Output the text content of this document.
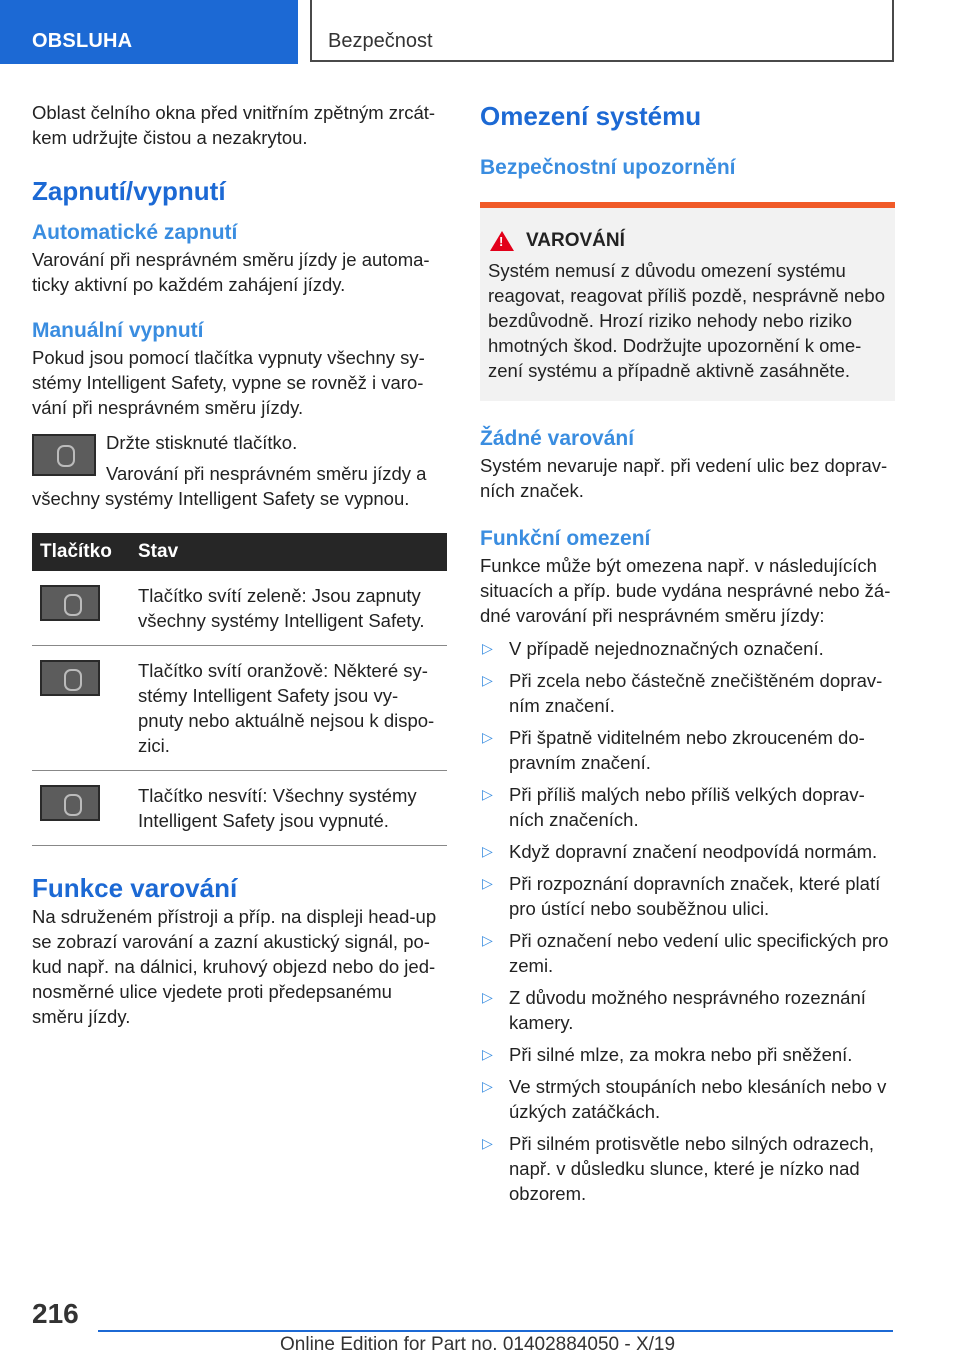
OBSLUHA	Bezpečnost

Oblast čelního okna před vnitřním zpětným zrcát-kem udržujte čistou a nezakrytou.

Zapnutí/vypnutí
Automatické zapnutí

Varování při nesprávném směru jízdy je automa-ticky aktivní po každém zahájení jízdy.

Manuální vypnutí

Pokud jsou pomocí tlačítka vypnuty všechny sy-stémy Intelligent Safety, vypne se rovněž i varo-vání při nesprávném směru jízdy.

Držte stisknuté tlačítko.

Varování při nesprávném směru jízdy a všechny systémy Intelligent Safety se vypnou.

Tlačítko	Stav
	Tlačítko svítí zeleně: Jsou zapnuty všechny systémy Intelligent Safety.
	Tlačítko svítí oranžově: Některé sy-stémy Intelligent Safety jsou vy-pnuty nebo aktuálně nejsou k dispo-zici.
	Tlačítko nesvítí: Všechny systémy Intelligent Safety jsou vypnuté.
Funkce varování

Na sdruženém přístroji a příp. na displeji head-up se zobrazí varování a zazní akustický signál, po-kud např. na dálnici, kruhový objezd nebo do jed-nosměrné ulice vjedete proti předepsanému směru jízdy.

Omezení systému
Bezpečnostní upozornění
!
VAROVÁNÍ

Systém nemusí z důvodu omezení systému reagovat, reagovat příliš pozdě, nesprávně nebo bezdůvodně. Hrozí riziko nehody nebo riziko hmotných škod. Dodržujte upozornění k ome-zení systému a případně aktivně zasáhněte.

Žádné varování

Systém nevaruje např. při vedení ulic bez doprav-ních značek.

Funkční omezení

Funkce může být omezena např. v následujících situacích a příp. bude vydána nesprávné nebo žá-dné varování při nesprávném směru jízdy:

▷ V případě nejednoznačných označení.
▷ Při zcela nebo částečně znečištěném doprav-ním značení.
▷ Při špatně viditelném nebo zkrouceném do-pravním značení.
▷ Při příliš malých nebo příliš velkých doprav-ních značeních.
▷ Když dopravní značení neodpovídá normám.
▷ Při rozpoznání dopravních značek, které platí pro ústící nebo souběžnou ulici.
▷ Při označení nebo vedení ulic specifických pro zemi.
▷ Z důvodu možného nesprávného rozeznání kamery.
▷ Při silné mlze, za mokra nebo při sněžení.
▷ Ve strmých stoupáních nebo klesáních nebo v úzkých zatáčkách.
▷ Při silném protisvětle nebo silných odrazech, např. v důsledku slunce, které je nízko nad obzorem.
216
Online Edition for Part no. 01402884050 - X/19
